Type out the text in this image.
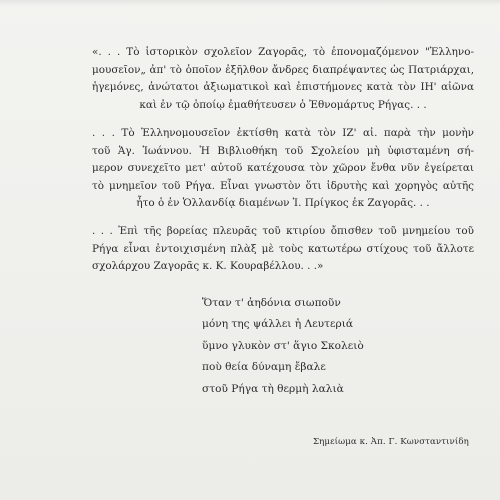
«. . . Τὸ ἱστορικὸν σχολεῖον Ζαγορᾶς, τὸ ἐπονομαζόμενον "Ἑλληνο-
μουσεῖον„ ἀπ' τὸ ὁποῖον ἐξῆλθον ἄνδρες διαπρέψαντες ὡς Πατριάρχαι,
ἡγεμόνες, ἀνώτατοι ἀξιωματικοὶ καὶ ἐπιστήμονες κατὰ τὸν ΙΗ' αἰῶνα
καὶ ἐν τῷ ὁποίῳ ἐμαθήτευσεν ὁ Ἐθνομάρτυς Ρήγας. . .
. . . Τὸ Ἑλληνομουσεῖον ἐκτίσθη κατὰ τὸν ΙΖ' αἰ. παρὰ τὴν μονὴν
τοῦ Ἁγ. Ἰωάννου. Ἡ Βιβλιοθήκη τοῦ Σχολείου μὴ ὑφισταμένη σή-
μερον συνεχεῖτο μετ' αὐτοῦ κατέχουσα τὸν χῶρον ἔνθα νῦν ἐγείρεται
τὸ μνημεῖον τοῦ Ρήγα. Εἶναι γνωστὸν ὅτι ἱδρυτὴς καὶ χορηγὸς αὐτῆς
ἦτο ὁ ἐν Ὁλλανδίᾳ διαμένων Ἰ. Πρίγκος ἐκ Ζαγορᾶς. . .
. . . Ἐπὶ τῆς βορείας πλευρᾶς τοῦ κτιρίου ὄπισθεν τοῦ μνημείου τοῦ
Ρήγα εἶναι ἐντοιχισμένη πλὰξ μὲ τοὺς κατωτέρω στίχους τοῦ ἄλλοτε
σχολάρχου Ζαγορᾶς κ. Κ. Κουραβέλλου. . .»
Ὅταν τ' ἀηδόνια σιωποῦν
μόνη της ψάλλει ἡ Λευτεριά
ὕμνο γλυκὸν στ' ἅγιο Σκολειὸ
ποὺ θεία δύναμη ἔβαλε
στοῦ Ρήγα τὴ θερμὴ λαλιὰ
Σημείωμα κ. Ἀπ. Γ. Κωνσταντινίδη
